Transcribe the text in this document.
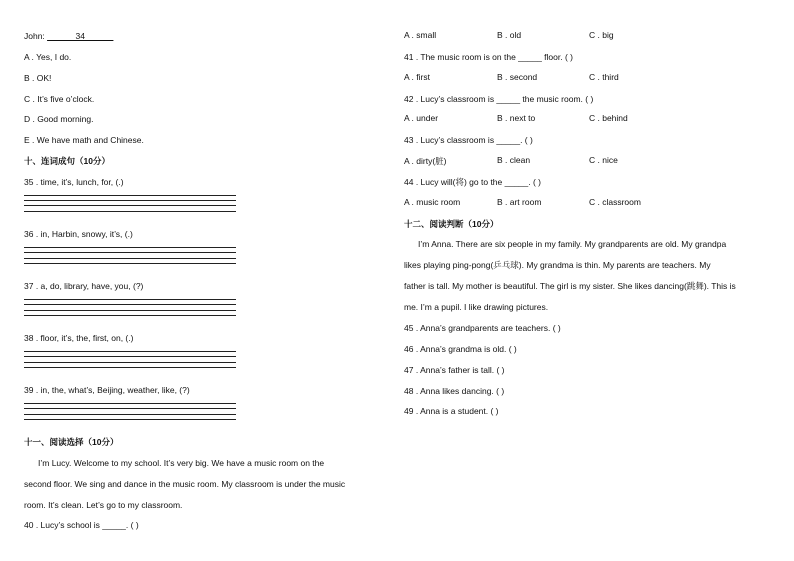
John: ______34______
A . Yes, I do.
B . OK!
C . It’s five o’clock.
D . Good morning.
E . We have math and Chinese.
十、连词成句（10分）
35 . time, it’s, lunch, for, (.)
36 . in, Harbin, snowy, it’s, (.)
37 . a, do, library, have, you, (?)
38 . floor, it’s, the, first, on, (.)
39 . in, the, what’s, Beijing, weather, like, (?)
十一、阅读选择（10分）
I’m Lucy. Welcome to my school. It’s very big. We have a music room on the
second floor. We sing and dance in the music room. My classroom is under the music
room. It’s clean. Let’s go to my classroom.
40 . Lucy’s school is _____. ( )
A . small	B . old	C . big
41 . The music room is on the _____ floor. ( )
A . first	B . second	C . third
42 . Lucy’s classroom is _____ the music room. ( )
A . under	B . next to	C . behind
43 . Lucy’s classroom is _____. ( )
A . dirty(脏)	B . clean	C . nice
44 . Lucy will(将) go to the _____. ( )
A . music room	B . art room	C . classroom
十二、阅读判断（10分）
I’m Anna. There are six people in my family. My grandparents are old. My grandpa
likes playing ping-pong(乒乓球). My grandma is thin. My parents are teachers. My
father is tall. My mother is beautiful. The girl is my sister. She likes dancing(跳舞). This is
me. I’m a pupil. I like drawing pictures.
45 . Anna’s grandparents are teachers. ( )
46 . Anna’s grandma is old. ( )
47 . Anna’s father is tall. ( )
48 . Anna likes dancing. ( )
49 . Anna is a student. ( )
